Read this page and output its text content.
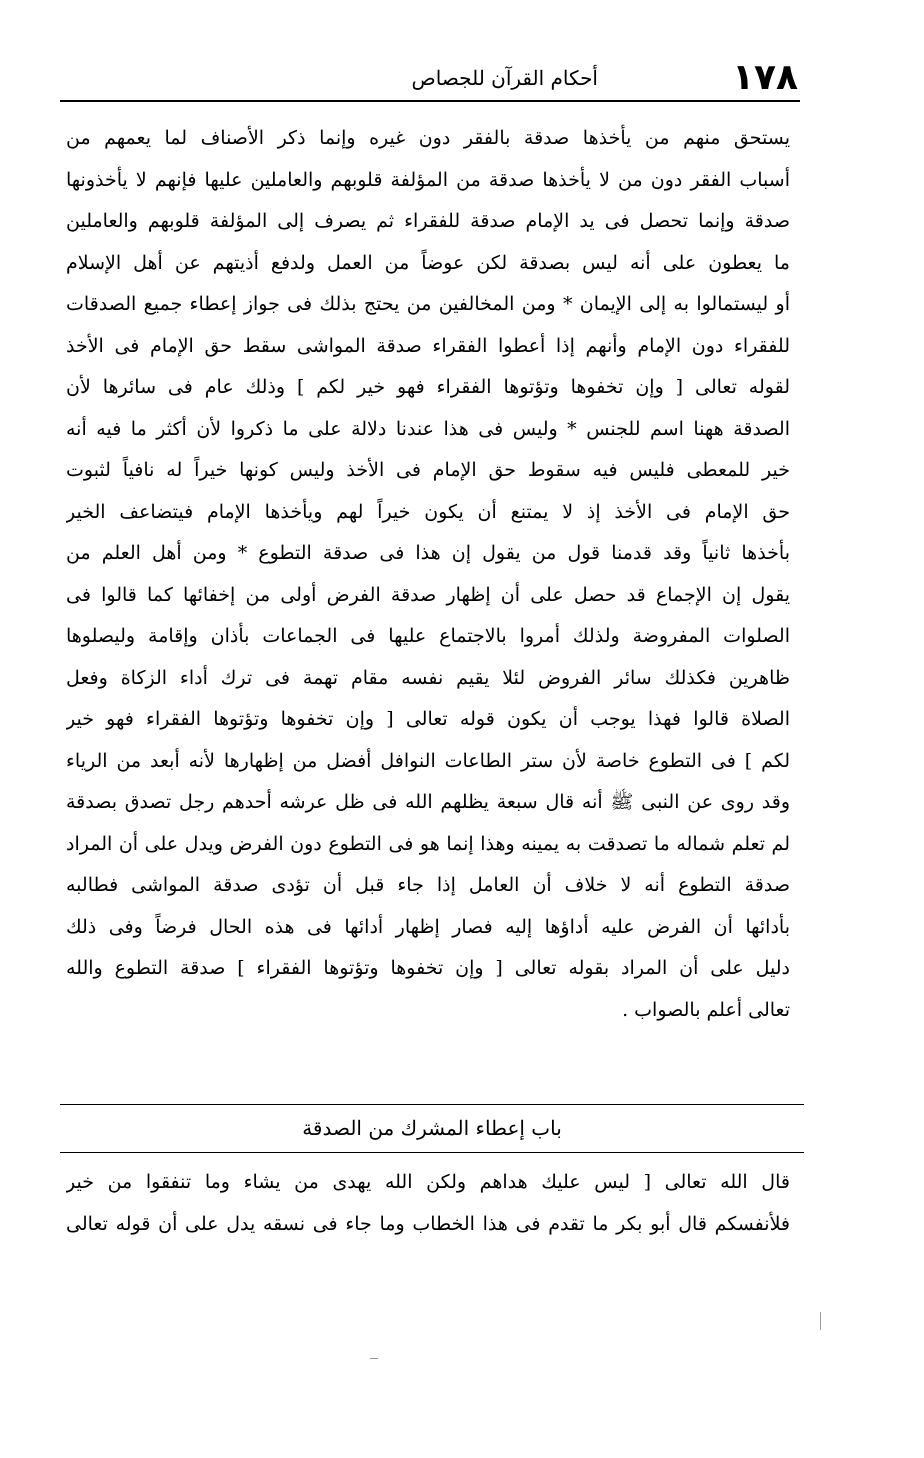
١٧٨
أحكام القرآن للجصاص
يستحق منهم من يأخذها صدقة بالفقر دون غيره وإنما ذكر الأصناف لما يعمهم من
أسباب الفقر دون من لا يأخذها صدقة من المؤلفة قلوبهم والعاملين عليها فإنهم لا يأخذونها
صدقة وإنما تحصل فى يد الإمام صدقة للفقراء ثم يصرف إلى المؤلفة قلوبهم والعاملين
ما يعطون على أنه ليس بصدقة لكن عوضاً من العمل ولدفع أذيتهم عن أهل الإسلام
أو ليستمالوا به إلى الإيمان * ومن المخالفين من يحتج بذلك فى جواز إعطاء جميع الصدقات
للفقراء دون الإمام وأنهم إذا أعطوا الفقراء صدقة المواشى سقط حق الإمام فى الأخذ
لقوله تعالى [ وإن تخفوها وتؤتوها الفقراء فهو خير لكم ] وذلك عام فى سائرها لأن
الصدقة ههنا اسم للجنس * وليس فى هذا عندنا دلالة على ما ذكروا لأن أكثر ما فيه أنه
خير للمعطى فليس فيه سقوط حق الإمام فى الأخذ وليس كونها خيراً له نافياً لثبوت
حق الإمام فى الأخذ إذ لا يمتنع أن يكون خيراً لهم ويأخذها الإمام فيتضاعف الخير
بأخذها ثانياً وقد قدمنا قول من يقول إن هذا فى صدقة التطوع * ومن أهل العلم من
يقول إن الإجماع قد حصل على أن إظهار صدقة الفرض أولى من إخفائها كما قالوا فى
الصلوات المفروضة ولذلك أمروا بالاجتماع عليها فى الجماعات بأذان وإقامة وليصلوها
ظاهرين فكذلك سائر الفروض لئلا يقيم نفسه مقام تهمة فى ترك أداء الزكاة وفعل
الصلاة قالوا فهذا يوجب أن يكون قوله تعالى [ وإن تخفوها وتؤتوها الفقراء فهو خير
لكم ] فى التطوع خاصة لأن ستر الطاعات النوافل أفضل من إظهارها لأنه أبعد من الرياء
وقد روى عن النبى ﷺ أنه قال سبعة يظلهم الله فى ظل عرشه أحدهم رجل تصدق بصدقة
لم تعلم شماله ما تصدقت به يمينه وهذا إنما هو فى التطوع دون الفرض ويدل على أن المراد
صدقة التطوع أنه لا خلاف أن العامل إذا جاء قبل أن تؤدى صدقة المواشى فطالبه
بأدائها أن الفرض عليه أداؤها إليه فصار إظهار أدائها فى هذه الحال فرضاً وفى ذلك
دليل على أن المراد بقوله تعالى [ وإن تخفوها وتؤتوها الفقراء ] صدقة التطوع والله
تعالى أعلم بالصواب .
باب إعطاء المشرك من الصدقة
قال الله تعالى [ ليس عليك هداهم ولكن الله يهدى من يشاء وما تنفقوا من خير
فلأنفسكم قال أبو بكر ما تقدم فى هذا الخطاب وما جاء فى نسقه يدل على أن قوله تعالى
